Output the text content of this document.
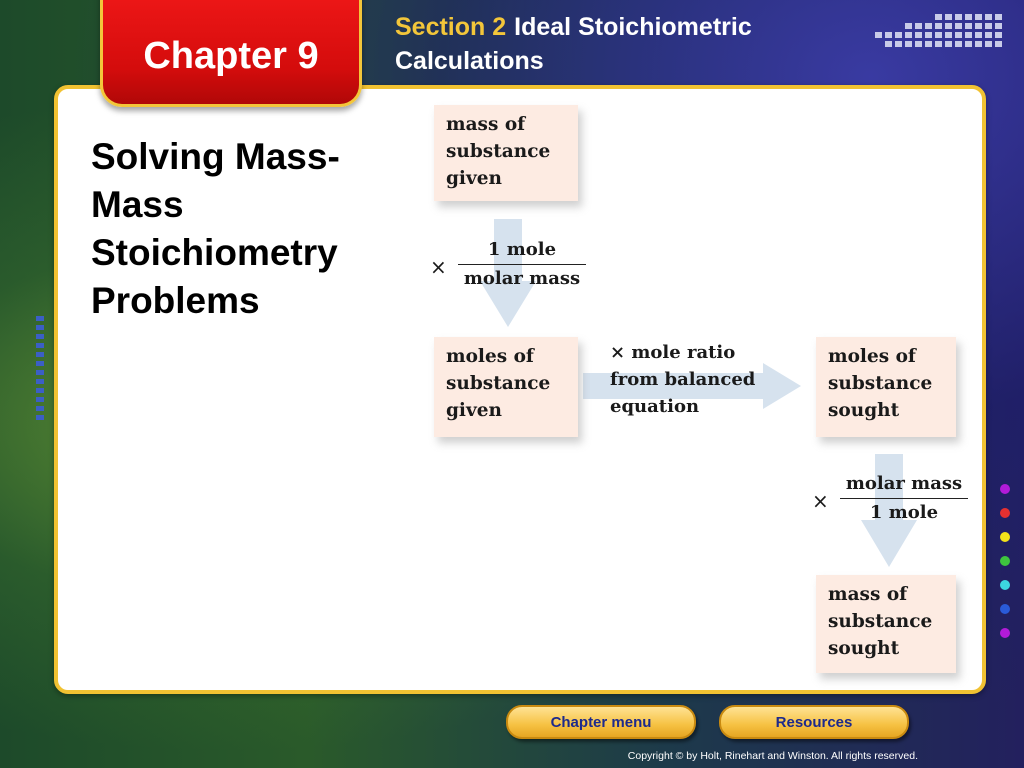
Chapter 9
Section 2 Ideal Stoichiometric Calculations
Solving Mass-Mass Stoichiometry Problems
mass of
substance
given
×
1 mole
molar mass
moles of
substance
given
× mole ratio
from balanced
equation
moles of
substance
sought
×
molar mass
1 mole
mass of
substance
sought
Chapter menu	Resources
Copyright © by Holt, Rinehart and Winston. All rights reserved.
